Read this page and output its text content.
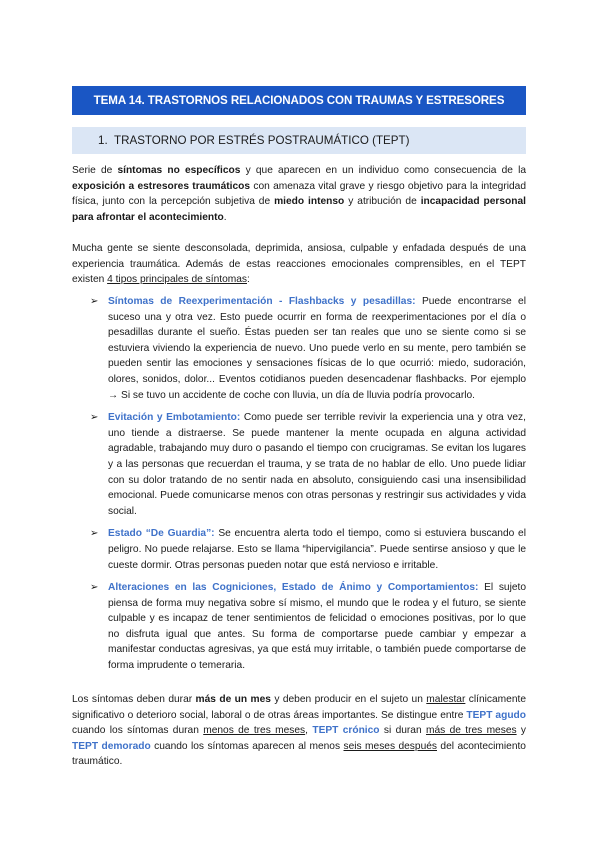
TEMA 14. TRASTORNOS RELACIONADOS CON TRAUMAS Y ESTRESORES
1. TRASTORNO POR ESTRÉS POSTRAUMÁTICO (TEPT)

Serie de síntomas no específicos y que aparecen en un individuo como consecuencia de la exposición a estresores traumáticos con amenaza vital grave y riesgo objetivo para la integridad física, junto con la percepción subjetiva de miedo intenso y atribución de incapacidad personal para afrontar el acontecimiento.

Mucha gente se siente desconsolada, deprimida, ansiosa, culpable y enfadada después de una experiencia traumática. Además de estas reacciones emocionales comprensibles, en el TEPT existen 4 tipos principales de síntomas:

➢ Síntomas de Reexperimentación - Flashbacks y pesadillas: Puede encontrarse el suceso una y otra vez. Esto puede ocurrir en forma de reexperimentaciones por el día o pesadillas durante el sueño. Éstas pueden ser tan reales que uno se siente como si se estuviera viviendo la experiencia de nuevo. Uno puede verlo en su mente, pero también se pueden sentir las emociones y sensaciones físicas de lo que ocurrió: miedo, sudoración, olores, sonidos, dolor... Eventos cotidianos pueden desencadenar flashbacks. Por ejemplo → Si se tuvo un accidente de coche con lluvia, un día de lluvia podría provocarlo.
➢ Evitación y Embotamiento: Como puede ser terrible revivir la experiencia una y otra vez, uno tiende a distraerse. Se puede mantener la mente ocupada en alguna actividad agradable, trabajando muy duro o pasando el tiempo con crucigramas. Se evitan los lugares y a las personas que recuerdan el trauma, y se trata de no hablar de ello. Uno puede lidiar con su dolor tratando de no sentir nada en absoluto, consiguiendo casi una insensibilidad emocional. Puede comunicarse menos con otras personas y restringir sus actividades y vida social.
➢ Estado “De Guardia”: Se encuentra alerta todo el tiempo, como si estuviera buscando el peligro. No puede relajarse. Esto se llama “hipervigilancia”. Puede sentirse ansioso y que le cueste dormir. Otras personas pueden notar que está nervioso e irritable.
➢ Alteraciones en las Cogniciones, Estado de Ánimo y Comportamientos: El sujeto piensa de forma muy negativa sobre sí mismo, el mundo que le rodea y el futuro, se siente culpable y es incapaz de tener sentimientos de felicidad o emociones positivas, por lo que no disfruta igual que antes. Su forma de comportarse puede cambiar y empezar a manifestar conductas agresivas, ya que está muy irritable, o también puede comportarse de forma imprudente o temeraria.

Los síntomas deben durar más de un mes y deben producir en el sujeto un malestar clínicamente significativo o deterioro social, laboral o de otras áreas importantes. Se distingue entre TEPT agudo cuando los síntomas duran menos de tres meses, TEPT crónico si duran más de tres meses y TEPT demorado cuando los síntomas aparecen al menos seis meses después del acontecimiento traumático.
